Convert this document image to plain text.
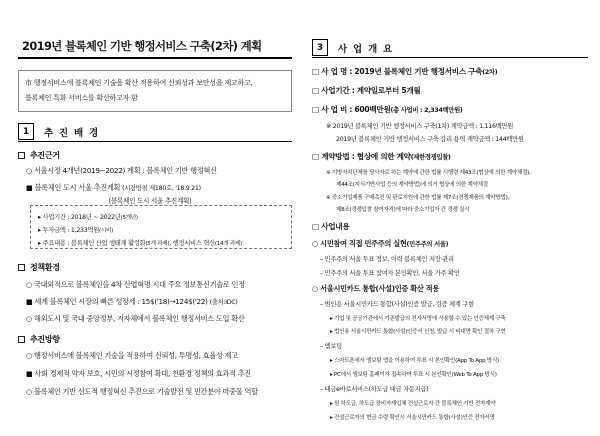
2019년 블록체인 기반 행정서비스 구축(2차) 계획
市 행정서비스에 블록체인 기술을 확산 적용하여 신뢰성과 보안성을 제고하고,
블록체인 특화 서비스를 확산하고자 함
1	추진배경
추진근거
○ 서울시정 4개년(2019~2022) 계획 : 블록체인 기반 행정혁신
■ 블록체인 도시 서울 추진계획 (시장방침 제180호, '18.9.21)
(블록체인 도시 서울 추진계획)
▸ 사업기간 : 2018년 ~ 2022년(5개년)
▸ 투자금액 : 1,233억원(시비)
▸ 주요내용 : 블록체인 산업 생태계 활성화(5개 과제), 행정서비스 혁신(14개 과제)
정책환경
○ 국내외적으로 블록체인을 4차 산업혁명 시대 주요 정보통신기술로 인정
■ 세계 블록체인 시장의 빠른 성장세 : 15$('18)→124$('22) (출처:IDC)
○ 해외도시 및 국내 중앙정부, 지자체에서 블록체인 행정서비스 도입 확산
추진방향
○ 행정서비스에 블록체인 기술을 적용하여 신뢰성, 투명성, 효율성 제고
■ 사회 경제적 약자 보호, 시민의 시정참여 확대, 친환경 정책의 효과적 추진
○ 블록체인 기반 선도적 행정혁신 추진으로 기술발전 및 민간분야 마중물 역할
3	사업개요
□ 사 업 명 : 2019년 블록체인 기반 행정서비스 구축(2차)
□ 사업기간 : 계약일로부터 5개월
□ 사 업 비 : 600백만원(총 사업비 : 2,334백만원)
※ 2019년 블록체인 기반 행정서비스 구축(1차) 계약금액 : 1,116백만원
2019년 블록체인 기반 행정서비스 구축 감리 용역 계약금액 : 144백만원
□ 계약방법 : 협상에 의한 계약(제한경쟁입찰)
※ 지방자치단체를 당사자로 하는 계약에 관한 법률 시행령 제43조(협상에 의한 계약체결),
제44조(지식기반사업 등의 계약방법)에 의거 협상에 의한 계약체결
※ 중소기업제품 구매촉진 및 판로지원에 관한 법률 제7조(경쟁제품의 계약방법),
제8조(경쟁입찰 참여자격)에 따라 중소기업자 간 경쟁 실시
□ 사업내용
○ 시민참여 직접 민주주의 실현(민주주의 서울)
– 민주주의 서울 투표 정보, 이력 블록체인 저장·관리
– 민주주의 서울 투표 참여자 본인확인, 서울 가주 확인
○ 서울시민카드 통합(사설)인증 확산 적용
– 범인용 서울시민카드 통합(사설)인증 발급, 검증 체계 구현
▸ 기업 및 공공기관에서 기존발급의 전자서명에 사용할 수 있는 인증체계 구축
▸ 법인용 서울시민카드 통합(사설)인증서 신청, 발급 시 비대면 확인 절차 구현
– 엠보팅
▸ 스마트폰에서 엠보팅 앱을 이용하여 투표 시 본인확인(App To App 방식)
▸ PC에서 엠보팅 홈페이지 접속하여 투표 시 본인확인(Web To App 방식)
– 대금e바로서비스(하도급 대금 자동지급)
▸ 원 하도급, 하도급 장비자재업체 건설근로자 간 블록체인 기반 전자계약
▸ 건설근로자의 현금 수령 확인시 서울시민카드 통합(사설)인증 전자서명
